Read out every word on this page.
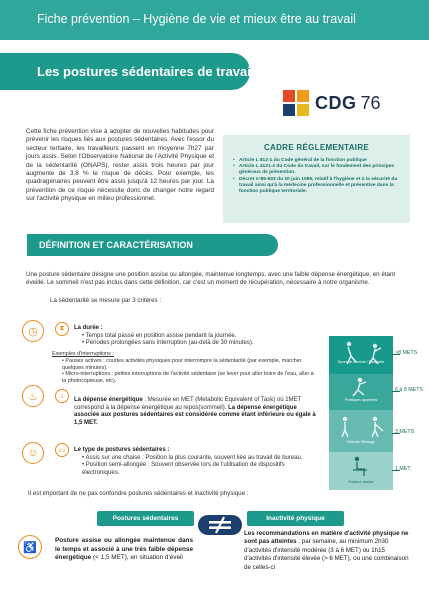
Fiche prévention – Hygiène de vie et mieux être au travail
Les postures sédentaires de travail
CDG 76
Cette fiche prévention vise à adopter de nouvelles habitudes pour prévenir les risques liés aux postures sédentaires. Avec l'essor du secteur tertiaire, les travailleurs passent en moyenne 7h27 par jours assis. Selon l'Observatoire National de l'Activité Physique et de la sédentarité (ONAPS), rester assis trois heures par jour augmente de 3.8 % le risque de décès. Pour exemple, les quadragénaires peuvent être assis jusqu'à 12 heures par jour. La prévention de ce risque nécessite donc de changer notre regard sur l'activité physique en milieu professionnel.
CADRE RÉGLEMENTAIRE
• Article L 812-1 du Code général de la fonction publique
• Article L 4121-2 du Code du travail, sur le fondement des principes généraux de prévention.
• Décret n°85-603 du 10 juin 1985, relatif à l'hygiène et à la sécurité du travail ainsi qu'à la médecine professionnelle et préventive dans la fonction publique territoriale.
DÉFINITION ET CARACTÉRISATION
Une posture sédentaire désigne une position assise ou allongée, maintenue longtemps, avec une faible dépense énergétique, en étant éveillé. Le sommeil n'est pas inclus dans cette définition, car c'est un moment de récupération, nécessaire à notre organisme.
La sédentarité se mesure par 3 critères :
◷	⧗
♨	♨
☺	▭
La durée :
• Temps total passé en position assise pendant la journée.
• Périodes prolongées sans interruption (au-delà de 30 minutes).
Exemples d'interruptions :
• Pauses actives : courtes activités physiques pour interrompre la sédentarité (par exemple, marcher quelques minutes).
• Micro-interruptions : petites interruptions de l'activité sédentaire (se lever pour aller boire de l'eau, aller à la photocopieuse, etc).
La dépense énergétique : Mesurée en MET (Metabolic Equivalent of Task) où 1MET correspond à la dépense énergétique au repos(sommeil). La dépense énergétique associée aux postures sédentaires est considérée comme étant inférieure ou égale à 1,5 MET.
Le type de postures sédentaires :
• Assis sur une chaise : Position la plus courante, souvent liée au travail de bureau.
• Position semi-allongée : Souvent observée lors de l'utilisation de dispositifs électroniques.
Il est important de ne pas confondre postures sédentaires et inactivité physique :
Sport de combat / Escalade
Pratiques sportives
Marche Ménage
Posture assise
>8 METS
6 à 8 METS
3 METS
1 MET
Postures sédentaires	Inactivité physique
♿
Posture assise ou allongée maintenue dans le temps et associé à une très faible dépense énergétique (< 1,5 MET), en situation d'éveil
Les recommandations en matière d'activité physique ne sont pas atteintes : par semaine, au minimum 2h30 d'activités d'intensité modérée (3 à 6 MET) ou 1h15 d'activités d'intensité élevée (> 6 MET), ou une combinaison de celles-ci
